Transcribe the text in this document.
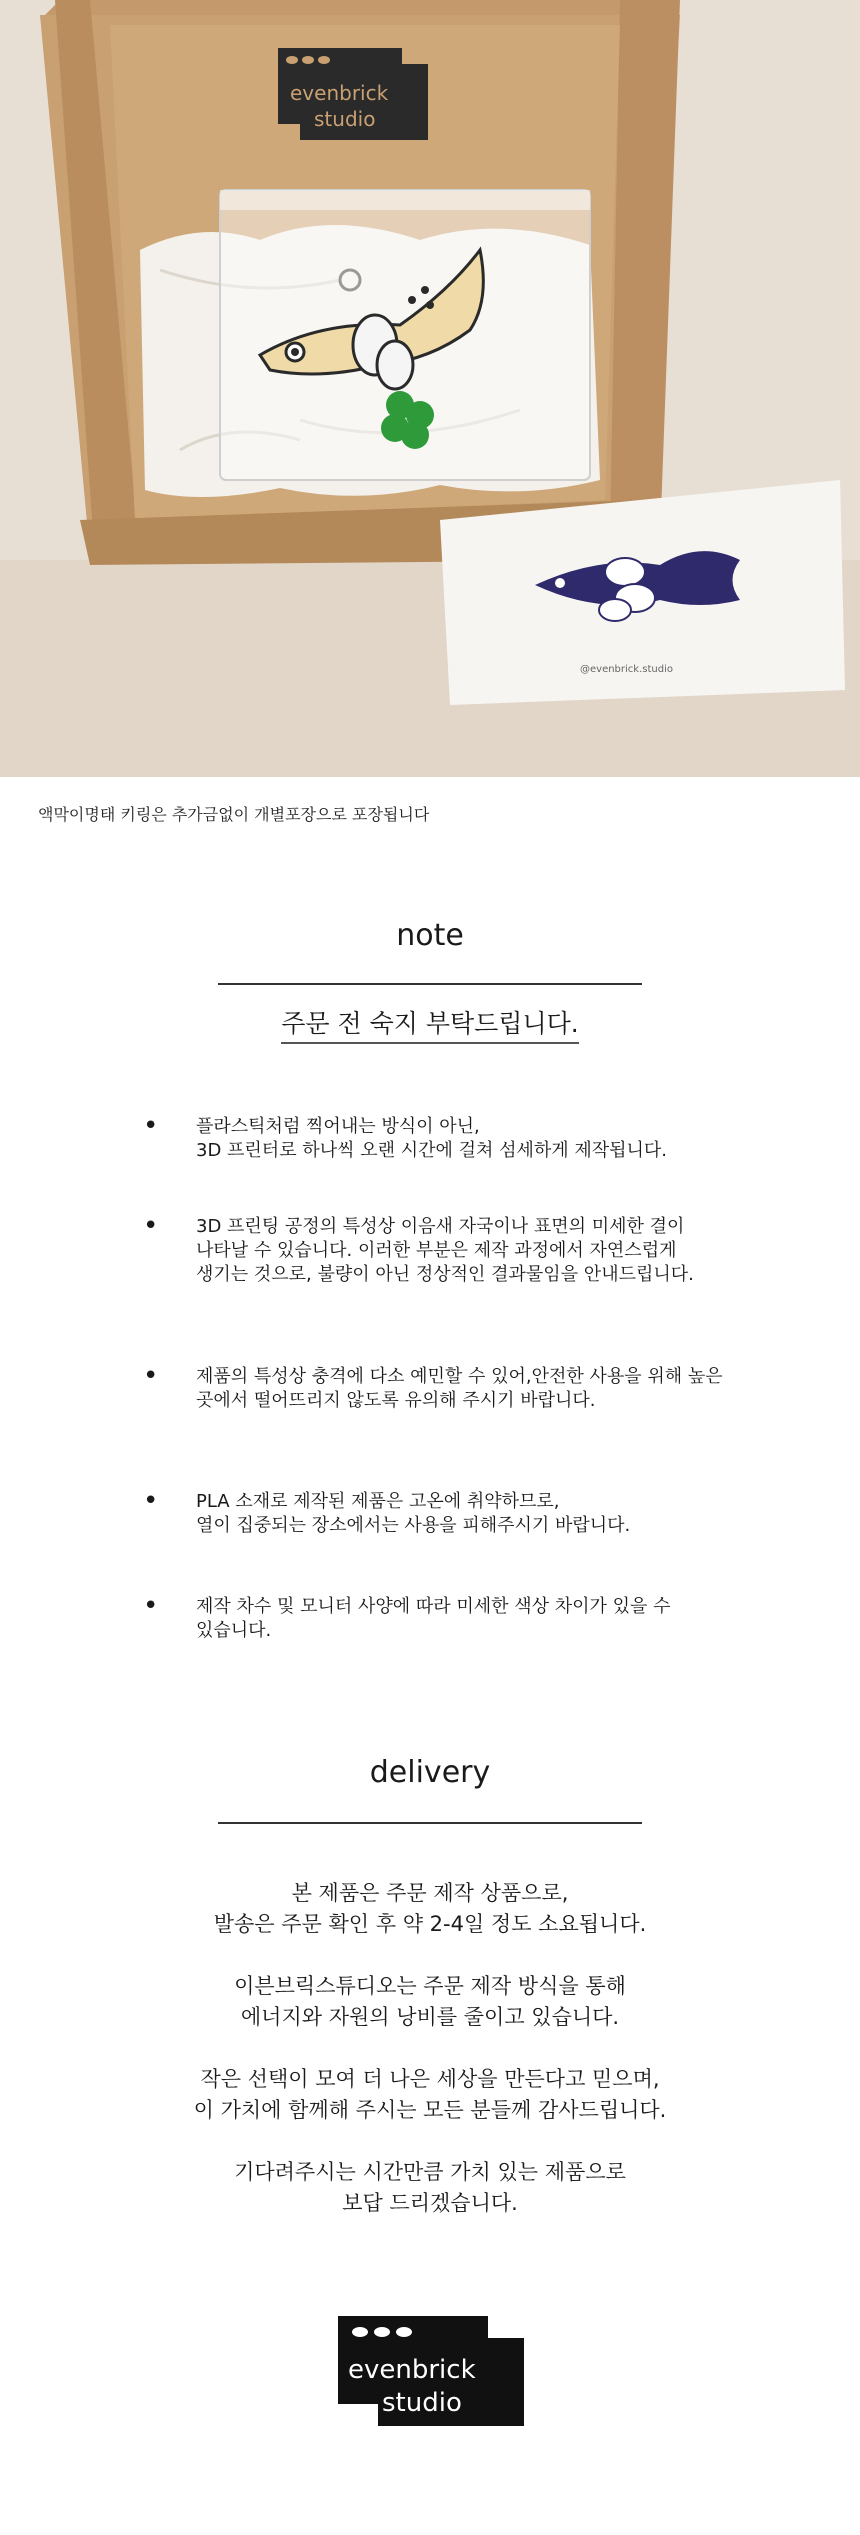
evenbrick
studio
@evenbrick.studio
액막이명태 키링은 추가금없이 개별포장으로 포장됩니다
note
주문 전 숙지 부탁드립니다.
• 플라스틱처럼 찍어내는 방식이 아닌,
3D 프린터로 하나씩 오랜 시간에 걸쳐 섬세하게 제작됩니다.
• 3D 프린팅 공정의 특성상 이음새 자국이나 표면의 미세한 결이
나타날 수 있습니다. 이러한 부분은 제작 과정에서 자연스럽게
생기는 것으로, 불량이 아닌 정상적인 결과물임을 안내드립니다.
• 제품의 특성상 충격에 다소 예민할 수 있어,안전한 사용을 위해 높은
곳에서 떨어뜨리지 않도록 유의해 주시기 바랍니다.
• PLA 소재로 제작된 제품은 고온에 취약하므로,
열이 집중되는 장소에서는 사용을 피해주시기 바랍니다.
• 제작 차수 및 모니터 사양에 따라 미세한 색상 차이가 있을 수
있습니다.
delivery
본 제품은 주문 제작 상품으로,
발송은 주문 확인 후 약 2-4일 정도 소요됩니다.
이븐브릭스튜디오는 주문 제작 방식을 통해
에너지와 자원의 낭비를 줄이고 있습니다.
작은 선택이 모여 더 나은 세상을 만든다고 믿으며,
이 가치에 함께해 주시는 모든 분들께 감사드립니다.
기다려주시는 시간만큼 가치 있는 제품으로
보답 드리겠습니다.
evenbrick
studio
